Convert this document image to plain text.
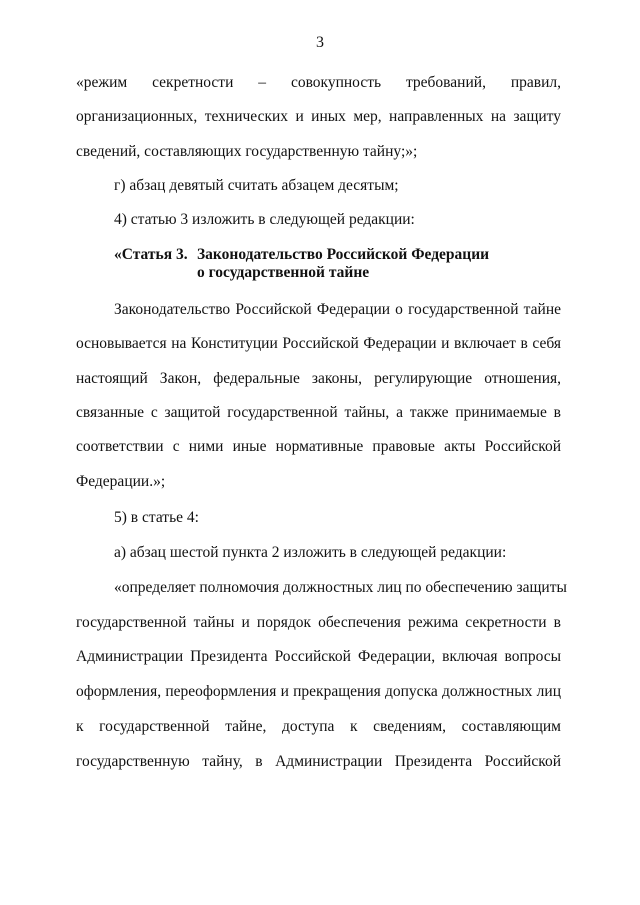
3

«режим секретности – совокупность требований, правил,

организационных, технических и иных мер, направленных на защиту

сведений, составляющих государственную тайну;»;

г) абзац девятый считать абзацем десятым;

4) статью 3 изложить в следующей редакции:

«Статья 3. Законодательство Российской Федерации

о государственной тайне

Законодательство Российской Федерации о государственной тайне

основывается на Конституции Российской Федерации и включает в себя

настоящий Закон, федеральные законы, регулирующие отношения,

связанные с защитой государственной тайны, а также принимаемые в

соответствии с ними иные нормативные правовые акты Российской

Федерации.»;

5) в статье 4:

а) абзац шестой пункта 2 изложить в следующей редакции:

«определяет полномочия должностных лиц по обеспечению защиты

государственной тайны и порядок обеспечения режима секретности в

Администрации Президента Российской Федерации, включая вопросы

оформления, переоформления и прекращения допуска должностных лиц

к государственной тайне, доступа к сведениям, составляющим

государственную тайну, в Администрации Президента Российской
